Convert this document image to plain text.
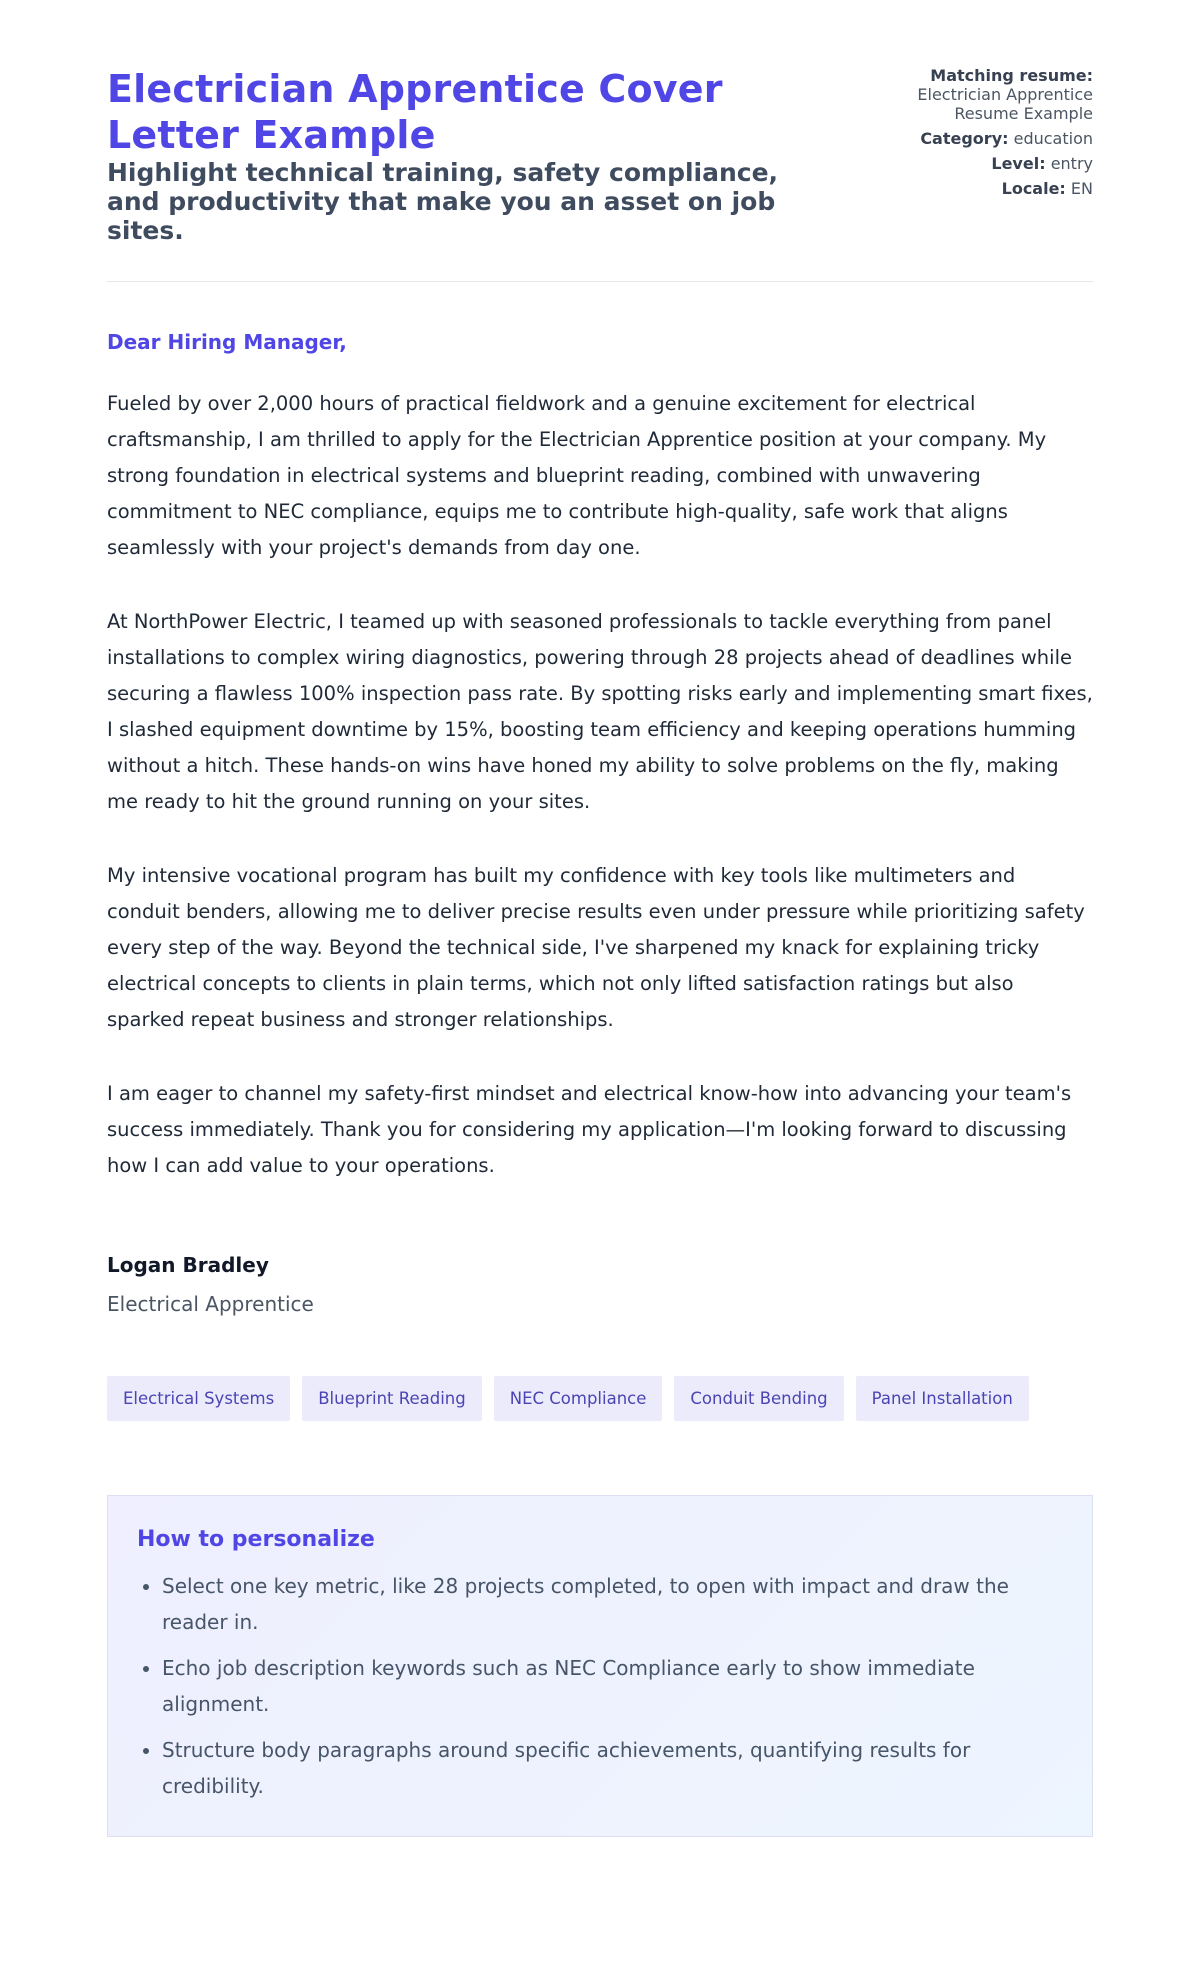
Electrician Apprentice Cover Letter Example
Highlight technical training, safety compliance, and productivity that make you an asset on job sites.
Matching resume:
Electrician Apprentice
Resume Example
Category: education
Level: entry
Locale: EN

Dear Hiring Manager,

Fueled by over 2,000 hours of practical fieldwork and a genuine excitement for electrical craftsmanship, I am thrilled to apply for the Electrician Apprentice position at your company. My strong foundation in electrical systems and blueprint reading, combined with unwavering commitment to NEC compliance, equips me to contribute high-quality, safe work that aligns seamlessly with your project's demands from day one.

At NorthPower Electric, I teamed up with seasoned professionals to tackle everything from panel installations to complex wiring diagnostics, powering through 28 projects ahead of deadlines while securing a flawless 100% inspection pass rate. By spotting risks early and implementing smart fixes, I slashed equipment downtime by 15%, boosting team efficiency and keeping operations humming without a hitch. These hands-on wins have honed my ability to solve problems on the fly, making me ready to hit the ground running on your sites.

My intensive vocational program has built my confidence with key tools like multimeters and conduit benders, allowing me to deliver precise results even under pressure while prioritizing safety every step of the way. Beyond the technical side, I've sharpened my knack for explaining tricky electrical concepts to clients in plain terms, which not only lifted satisfaction ratings but also sparked repeat business and stronger relationships.

I am eager to channel my safety-first mindset and electrical know-how into advancing your team's success immediately. Thank you for considering my application—I'm looking forward to discussing how I can add value to your operations.

Logan Bradley
Electrical Apprentice
Electrical Systems	Blueprint Reading	NEC Compliance	Conduit Bending	Panel Installation
How to personalize
Select one key metric, like 28 projects completed, to open with impact and draw the reader in.
Echo job description keywords such as NEC Compliance early to show immediate alignment.
Structure body paragraphs around specific achievements, quantifying results for credibility.
